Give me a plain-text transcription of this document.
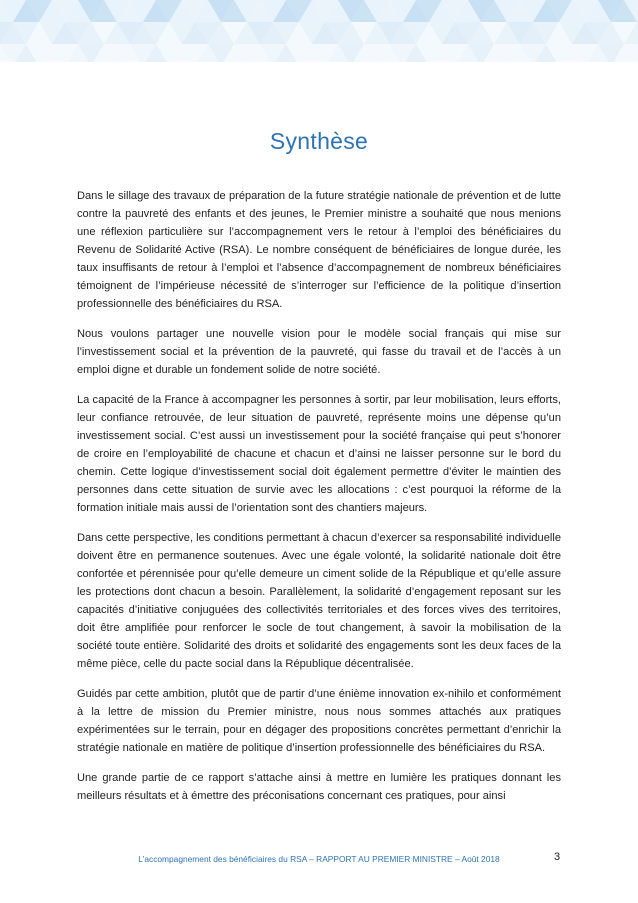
Synthèse

Dans le sillage des travaux de préparation de la future stratégie nationale de prévention et de lutte contre la pauvreté des enfants et des jeunes, le Premier ministre a souhaité que nous menions une réflexion particulière sur l’accompagnement vers le retour à l’emploi des bénéficiaires du Revenu de Solidarité Active (RSA). Le nombre conséquent de bénéficiaires de longue durée, les taux insuffisants de retour à l’emploi et l’absence d’accompagnement de nombreux bénéficiaires témoignent de l’impérieuse nécessité de s’interroger sur l’efficience de la politique d’insertion professionnelle des bénéficiaires du RSA.

Nous voulons partager une nouvelle vision pour le modèle social français qui mise sur l’investissement social et la prévention de la pauvreté, qui fasse du travail et de l’accès à un emploi digne et durable un fondement solide de notre société.

La capacité de la France à accompagner les personnes à sortir, par leur mobilisation, leurs efforts, leur confiance retrouvée, de leur situation de pauvreté, représente moins une dépense qu’un investissement social. C’est aussi un investissement pour la société française qui peut s’honorer de croire en l’employabilité de chacune et chacun et d’ainsi ne laisser personne sur le bord du chemin. Cette logique d’investissement social doit également permettre d’éviter le maintien des personnes dans cette situation de survie avec les allocations : c’est pourquoi la réforme de la formation initiale mais aussi de l’orientation sont des chantiers majeurs.

Dans cette perspective, les conditions permettant à chacun d’exercer sa responsabilité individuelle doivent être en permanence soutenues. Avec une égale volonté, la solidarité nationale doit être confortée et pérennisée pour qu’elle demeure un ciment solide de la République et qu’elle assure les protections dont chacun a besoin. Parallèlement, la solidarité d’engagement reposant sur les capacités d’initiative conjuguées des collectivités territoriales et des forces vives des territoires, doit être amplifiée pour renforcer le socle de tout changement, à savoir la mobilisation de la société toute entière. Solidarité des droits et solidarité des engagements sont les deux faces de la même pièce, celle du pacte social dans la République décentralisée.

Guidés par cette ambition, plutôt que de partir d’une énième innovation ex-nihilo et conformément à la lettre de mission du Premier ministre, nous nous sommes attachés aux pratiques expérimentées sur le terrain, pour en dégager des propositions concrètes permettant d’enrichir la stratégie nationale en matière de politique d’insertion professionnelle des bénéficiaires du RSA.

Une grande partie de ce rapport s’attache ainsi à mettre en lumière les pratiques donnant les meilleurs résultats et à émettre des préconisations concernant ces pratiques, pour ainsi

L’accompagnement des bénéficiaires du RSA – RAPPORT AU PREMIER MINISTRE – Août 2018	3
